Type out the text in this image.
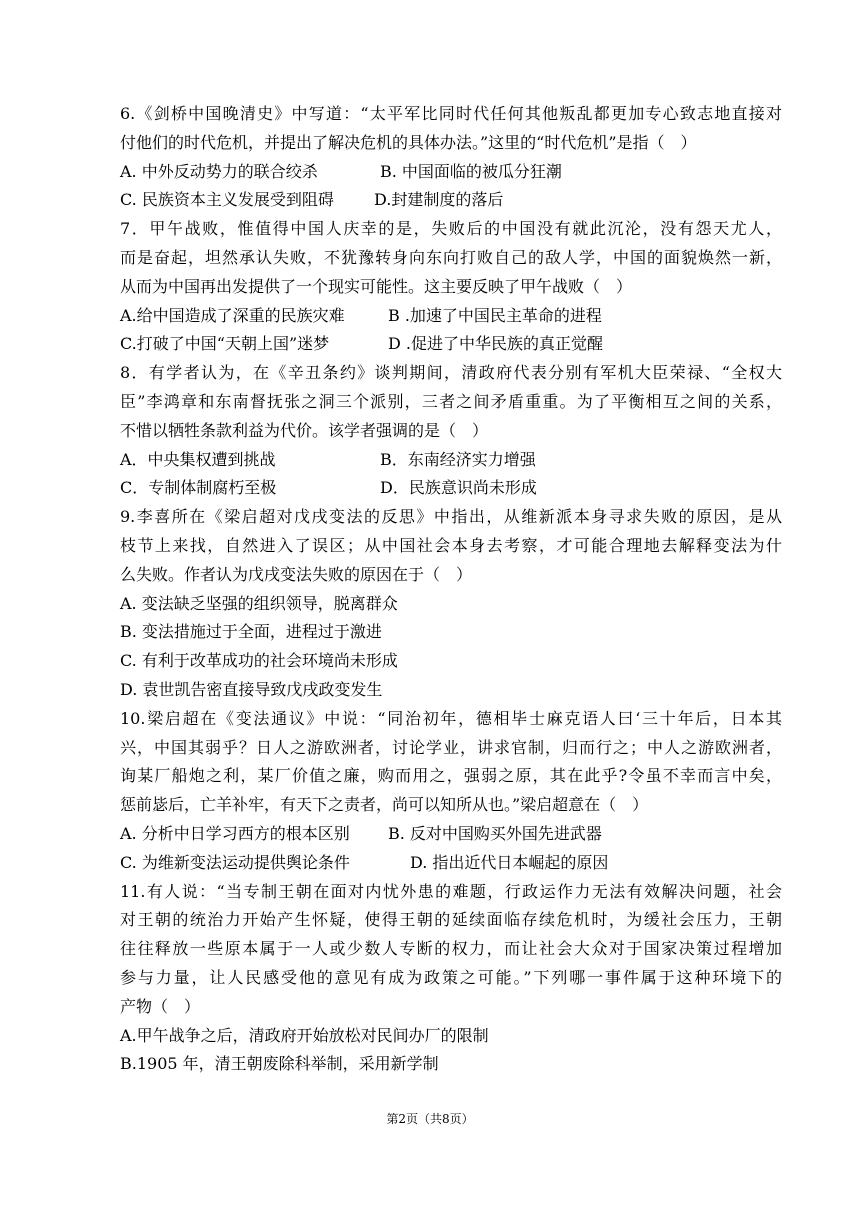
6.《剑桥中国晚清史》中写道：“太平军比同时代任何其他叛乱都更加专心致志地直接对
付他们的时代危机，并提出了解决危机的具体办法。”这里的“时代危机”是指（　）
A. 中外反动势力的联合绞杀	B. 中国面临的被瓜分狂潮
C. 民族资本主义发展受到阻碍	D.封建制度的落后
7．甲午战败，惟值得中国人庆幸的是，失败后的中国没有就此沉沦，没有怨天尤人，
而是奋起，坦然承认失败，不犹豫转身向东向打败自己的敌人学，中国的面貌焕然一新，
从而为中国再出发提供了一个现实可能性。这主要反映了甲午战败（　）
A.给中国造成了深重的民族灾难	B .加速了中国民主革命的进程
C.打破了中国“天朝上国”迷梦	D .促进了中华民族的真正觉醒
8．有学者认为，在《辛丑条约》谈判期间，清政府代表分别有军机大臣荣禄、“全权大
臣”李鸿章和东南督抚张之洞三个派别，三者之间矛盾重重。为了平衡相互之间的关系，
不惜以牺牲条款利益为代价。该学者强调的是（　）
A．中央集权遭到挑战	B．东南经济实力增强
C．专制体制腐朽至极	D．民族意识尚未形成
9.李喜所在《梁启超对戊戌变法的反思》中指出，从维新派本身寻求失败的原因，是从
枝节上来找，自然进入了误区；从中国社会本身去考察，才可能合理地去解释变法为什
么失败。作者认为戊戌变法失败的原因在于（　）
A. 变法缺乏坚强的组织领导，脱离群众
B. 变法措施过于全面，进程过于激进
C. 有利于改革成功的社会环境尚未形成
D. 袁世凯告密直接导致戊戌政变发生
10.梁启超在《变法通议》中说：“同治初年，德相毕士麻克语人曰‘三十年后，日本其
兴，中国其弱乎？日人之游欧洲者，讨论学业，讲求官制，归而行之；中人之游欧洲者，
询某厂船炮之利，某厂价值之廉，购而用之，强弱之原，其在此乎?令虽不幸而言中矣，
惩前毖后，亡羊补牢，有天下之责者，尚可以知所从也。”梁启超意在（　）
A. 分析中日学习西方的根本区别	B. 反对中国购买外国先进武器
C. 为维新变法运动提供舆论条件	D. 指出近代日本崛起的原因
11.有人说：“当专制王朝在面对内忧外患的难题，行政运作力无法有效解决问题，社会
对王朝的统治力开始产生怀疑，使得王朝的延续面临存续危机时，为缓社会压力，王朝
往往释放一些原本属于一人或少数人专断的权力，而让社会大众对于国家决策过程增加
参与力量，让人民感受他的意见有成为政策之可能。”下列哪一事件属于这种环境下的
产物（　）
A.甲午战争之后，清政府开始放松对民间办厂的限制
B.1905 年，清王朝废除科举制，采用新学制
第2页（共8页）
